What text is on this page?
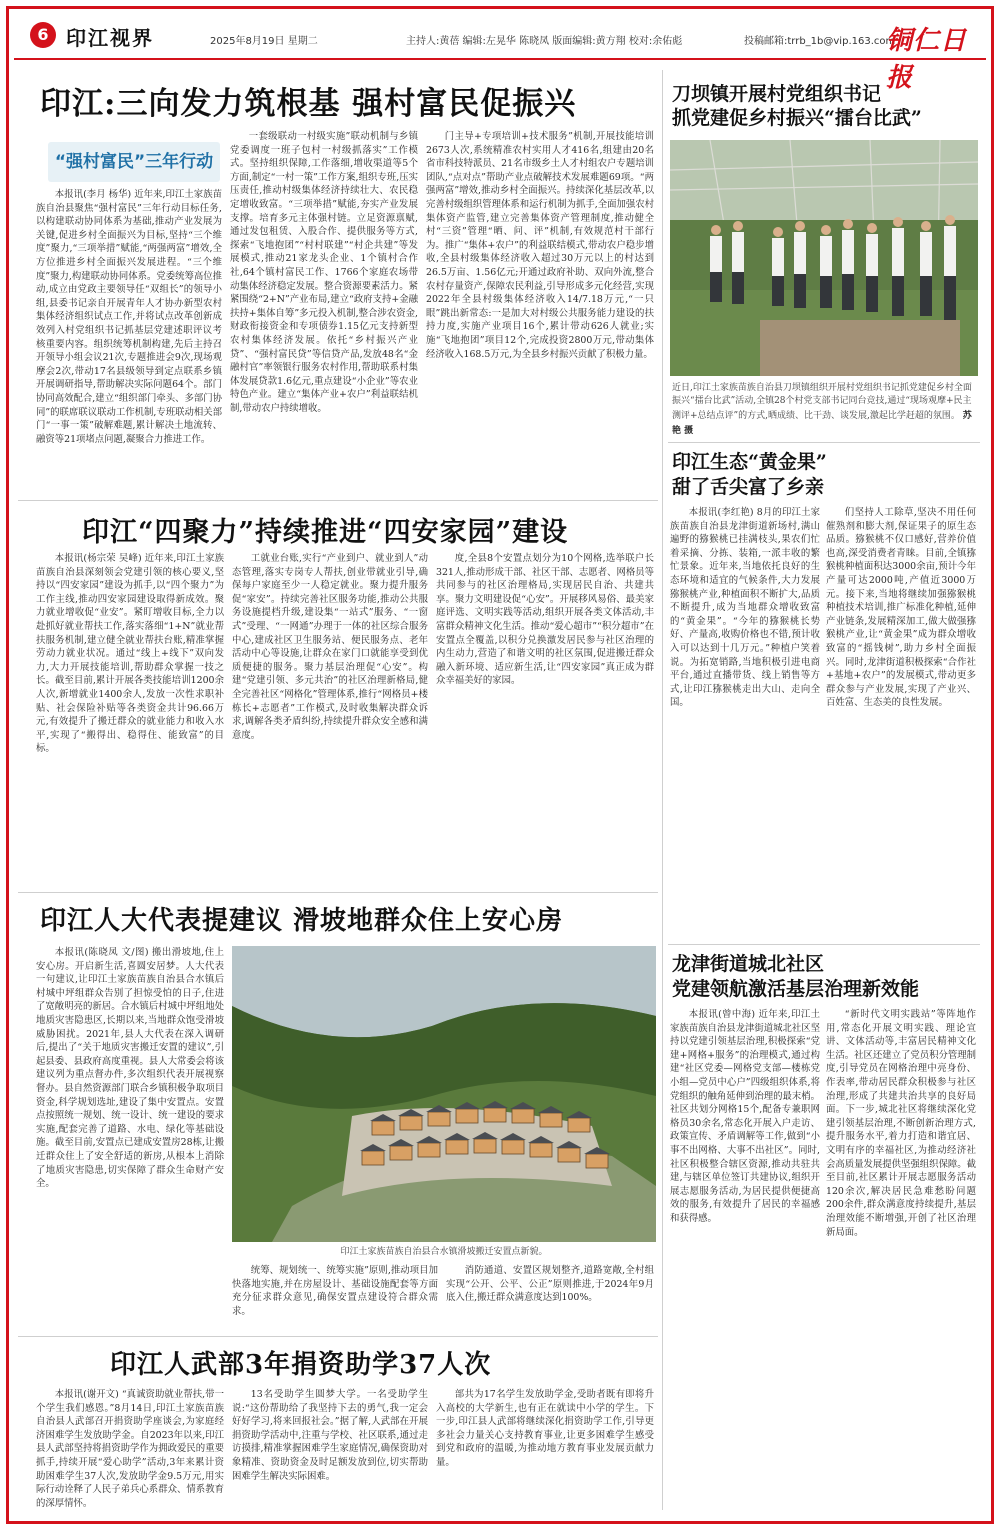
6 印江视界	2025年8月19日 星期二	主持人:黄蓓 编辑:左晃华 陈晓凤 版面编辑:黄方翔 校对:余佑彪	投稿邮箱:trrb_1b@vip.163.com
铜仁日报
印江:三向发力筑根基 强村富民促振兴
“强村富民”三年行动

本报讯(李月 杨华) 近年来,印江土家族苗族自治县聚焦“强村富民”三年行动目标任务,以构建联动协同体系为基础,推动产业发展为关键,促进乡村全面振兴为目标,坚持“三个维度”聚力,“三项举措”赋能,“两强两富”增效,全方位推进乡村全面振兴发展进程。“三个维度”聚力,构建联动协同体系。党委统筹高位推动,成立由党政主要领导任“双组长”的领导小组,县委书记亲自开展青年人才协办新型农村集体经济组织试点工作,并将试点改革创新成效列入村党组织书记抓基层党建述职评议考核重要内容。组织统筹机制构建,先后主持召开领导小组会议21次,专题推进会9次,现场观摩会2次,带动17名县级领导到定点联系乡镇开展调研指导,帮助解决实际问题64个。部门协同高效配合,建立“组织部门牵头、多部门协同”的联席联议联动工作机制,专班联动相关部门“一事一策”破解难题,累计解决土地流转、融资等21项堵点问题,凝聚合力推进工作。

一套级联动一村级实施”联动机制与乡镇党委调度一班子包村一村级抓落实”工作模式。坚持组织保障,工作落细,增收渠道等5个方面,制定“一村一策”工作方案,组织专班,压实压责任,推动村级集体经济持续壮大、农民稳定增收致富。“三项举措”赋能,夯实产业发展支撑。培育多元主体强村链。立足资源禀赋,通过发包租赁、入股合作、提供服务等方式,探索“飞地抱团”“村村联建”“村企共建”等发展模式,推动21家龙头企业、1个镇村合作社,64个镇村富民工作、1766个家庭农场带动集体经济稳定发展。整合资源要素活力。紧紧围绕“2+N”产业布局,建立“政府支持+金融扶持+集体自筹”多元投入机制,整合涉农资金,财政衔接资金和专项债券1.15亿元支持新型农村集体经济发展。依托“乡村振兴产业贷”、“强村富民贷”等信贷产品,发放48名“金融村官”率领银行服务农村作用,帮助联系村集体发展贷款1.6亿元,重点建设“小企业”等农业特色产业。建立“集体产业+农户”利益联结机制,带动农户持续增收。

门主导+专项培训+技术服务”机制,开展技能培训2673人次,系统精准农村实用人才416名,组建由20名省市科技特派员、21名市级乡土人才村组农户专题培训团队,“点对点”帮助产业点破解技术发展难题69项。“两强两富”增效,推动乡村全面振兴。持续深化基层改革,以完善村级组织管理体系和运行机制为抓手,全面加强农村集体资产监管,建立完善集体资产管理制度,推动健全村“三资”管理“晒、问、评”机制,有效规范村干部行为。推广“集体+农户”的利益联结模式,带动农户稳步增收,全县村级集体经济收入超过30万元以上的村达到26.5万亩、1.56亿元;开通过政府补助、双向外流,整合农村存量资产,保障农民利益,引导形成多元化经营,实现2022年全县村级集体经济收入14/7.18万元,“一只眼”跳出新常态:一是加大对村级公共服务能力建设的扶持力度,实施产业项目16个,累计带动626人就业;实施“飞地抱团”项目12个,完成投资2800万元,带动集体经济收入168.5万元,为全县乡村振兴贡献了积极力量。

刀坝镇开展村党组织书记
抓党建促乡村振兴“擂台比武”
近日,印江土家族苗族自治县刀坝镇组织开展村党组织书记抓党建促乡村全面振兴“擂台比武”活动,全镇28个村党支部书记同台竞技,通过“现场观摩+民主测评+总结点评”的方式,晒成绩、比干劲、谈发展,激起比学赶超的氛围。 苏艳 摄
印江“四聚力”持续推进“四安家园”建设

本报讯(杨宗荣 吴峰) 近年来,印江土家族苗族自治县深刻领会党建引领的核心要义,坚持以“四安家园”建设为抓手,以“四个聚力”为工作主线,推动四安家园建设取得新成效。聚力就业增收促“业安”。紧盯增收目标,全力以赴抓好就业帮扶工作,落实落细“1+N”就业帮扶服务机制,建立健全就业帮扶台账,精准掌握劳动力就业状况。通过“线上+线下”双向发力,大力开展技能培训,帮助群众掌握一技之长。截至目前,累计开展各类技能培训1200余人次,新增就业1400余人,发放一次性求职补贴、社会保险补贴等各类资金共计96.66万元,有效提升了搬迁群众的就业能力和收入水平,实现了“搬得出、稳得住、能致富”的目标。

工就业台账,实行“产业到户、就业到人”动态管理,落实专岗专人帮扶,创业带就业引导,确保每户家庭至少一人稳定就业。聚力提升服务促“家安”。持续完善社区服务功能,推动公共服务设施提档升级,建设集“一站式”服务、“一窗式”受理、“一网通”办理于一体的社区综合服务中心,建成社区卫生服务站、便民服务点、老年活动中心等设施,让群众在家门口就能享受到优质便捷的服务。聚力基层治理促“心安”。构建“党建引领、多元共治”的社区治理新格局,健全完善社区“网格化”管理体系,推行“网格员+楼栋长+志愿者”工作模式,及时收集解决群众诉求,调解各类矛盾纠纷,持续提升群众安全感和满意度。

度,全县8个安置点划分为10个网格,选举联户长321人,推动形成干部、社区干部、志愿者、网格员等共同参与的社区治理格局,实现居民自治、共建共享。聚力文明建设促“心安”。开展移风易俗、最美家庭评选、文明实践等活动,组织开展各类文体活动,丰富群众精神文化生活。推动“爱心超市”“积分超市”在安置点全覆盖,以积分兑换激发居民参与社区治理的内生动力,营造了和谐文明的社区氛围,促进搬迁群众融入新环境、适应新生活,让“四安家园”真正成为群众幸福美好的家园。

印江生态“黄金果”
甜了舌尖富了乡亲

本报讯(李红艳) 8月的印江土家族苗族自治县龙津街道新场村,满山遍野的猕猴桃已挂满枝头,果农们忙着采摘、分拣、装箱,一派丰收的繁忙景象。近年来,当地依托良好的生态环境和适宜的气候条件,大力发展猕猴桃产业,种植面积不断扩大,品质不断提升,成为当地群众增收致富的“黄金果”。“今年的猕猴桃长势好、产量高,收购价格也不错,预计收入可以达到十几万元。”种植户笑着说。为拓宽销路,当地积极引进电商平台,通过直播带货、线上销售等方式,让印江猕猴桃走出大山、走向全国。

们坚持人工除草,坚决不用任何催熟剂和膨大剂,保证果子的原生态品质。猕猴桃不仅口感好,营养价值也高,深受消费者青睐。目前,全镇猕猴桃种植面积达3000余亩,预计今年产量可达2000吨,产值近3000万元。接下来,当地将继续加强猕猴桃种植技术培训,推广标准化种植,延伸产业链条,发展精深加工,做大做强猕猴桃产业,让“黄金果”成为群众增收致富的“摇钱树”,助力乡村全面振兴。同时,龙津街道积极探索“合作社+基地+农户”的发展模式,带动更多群众参与产业发展,实现了产业兴、百姓富、生态美的良性发展。

印江人大代表提建议 滑坡地群众住上安心房

本报讯(陈晓凤 文/图) 搬出滑坡地,住上安心房。开启新生活,喜圆安居梦。人大代表一句建议,让印江土家族苗族自治县合水镇后村城中坪组群众告别了担惊受怕的日子,住进了宽敞明亮的新居。合水镇后村城中坪组地处地质灾害隐患区,长期以来,当地群众饱受滑坡威胁困扰。2021年,县人大代表在深入调研后,提出了“关于地质灾害搬迁安置的建议”,引起县委、县政府高度重视。县人大常委会将该建议列为重点督办件,多次组织代表开展视察督办。县自然资源部门联合乡镇积极争取项目资金,科学规划选址,建设了集中安置点。安置点按照统一规划、统一设计、统一建设的要求实施,配套完善了道路、水电、绿化等基础设施。截至目前,安置点已建成安置房28栋,让搬迁群众住上了安全舒适的新房,从根本上消除了地质灾害隐患,切实保障了群众生命财产安全。

印江土家族苗族自治县合水镇滑坡搬迁安置点新貌。

统筹、规划统一、统筹实施”原则,推动项目加快落地实施,并在房屋设计、基础设施配套等方面充分征求群众意见,确保安置点建设符合群众需求。

消防通道、安置区规划整齐,道路宽敞,全村组实现“公开、公平、公正”原则推进,于2024年9月底入住,搬迁群众满意度达到100%。

龙津街道城北社区
党建领航激活基层治理新效能

本报讯(曾中海) 近年来,印江土家族苗族自治县龙津街道城北社区坚持以党建引领基层治理,积极探索“党建+网格+服务”的治理模式,通过构建“社区党委—网格党支部—楼栋党小组—党员中心户”四级组织体系,将党组织的触角延伸到治理的最末梢。社区共划分网格15个,配备专兼职网格员30余名,常态化开展入户走访、政策宣传、矛盾调解等工作,做到“小事不出网格、大事不出社区”。同时,社区积极整合辖区资源,推动共驻共建,与辖区单位签订共建协议,组织开展志愿服务活动,为居民提供便捷高效的服务,有效提升了居民的幸福感和获得感。

“新时代文明实践站”等阵地作用,常态化开展文明实践、理论宣讲、文体活动等,丰富居民精神文化生活。社区还建立了党员积分管理制度,引导党员在网格治理中亮身份、作表率,带动居民群众积极参与社区治理,形成了共建共治共享的良好局面。下一步,城北社区将继续深化党建引领基层治理,不断创新治理方式,提升服务水平,着力打造和谐宜居、文明有序的幸福社区,为推动经济社会高质量发展提供坚强组织保障。截至目前,社区累计开展志愿服务活动120余次,解决居民急难愁盼问题200余件,群众满意度持续提升,基层治理效能不断增强,开创了社区治理新局面。

印江人武部3年捐资助学37人次

本报讯(谢开文) “真诚资助就业帮扶,带一个学生我们感恩。”8月14日,印江土家族苗族自治县人武部召开捐资助学座谈会,为家庭经济困难学生发放助学金。自2023年以来,印江县人武部坚持将捐资助学作为拥政爱民的重要抓手,持续开展“爱心助学”活动,3年来累计资助困难学生37人次,发放助学金9.5万元,用实际行动诠释了人民子弟兵心系群众、情系教育的深厚情怀。

13名受助学生圆梦大学。一名受助学生说:“这份帮助给了我坚持下去的勇气,我一定会好好学习,将来回报社会。”据了解,人武部在开展捐资助学活动中,注重与学校、社区联系,通过走访摸排,精准掌握困难学生家庭情况,确保资助对象精准、资助资金及时足额发放到位,切实帮助困难学生解决实际困难。

部共为17名学生发放助学金,受助者既有即将升入高校的大学新生,也有正在就读中小学的学生。下一步,印江县人武部将继续深化捐资助学工作,引导更多社会力量关心支持教育事业,让更多困难学生感受到党和政府的温暖,为推动地方教育事业发展贡献力量。
